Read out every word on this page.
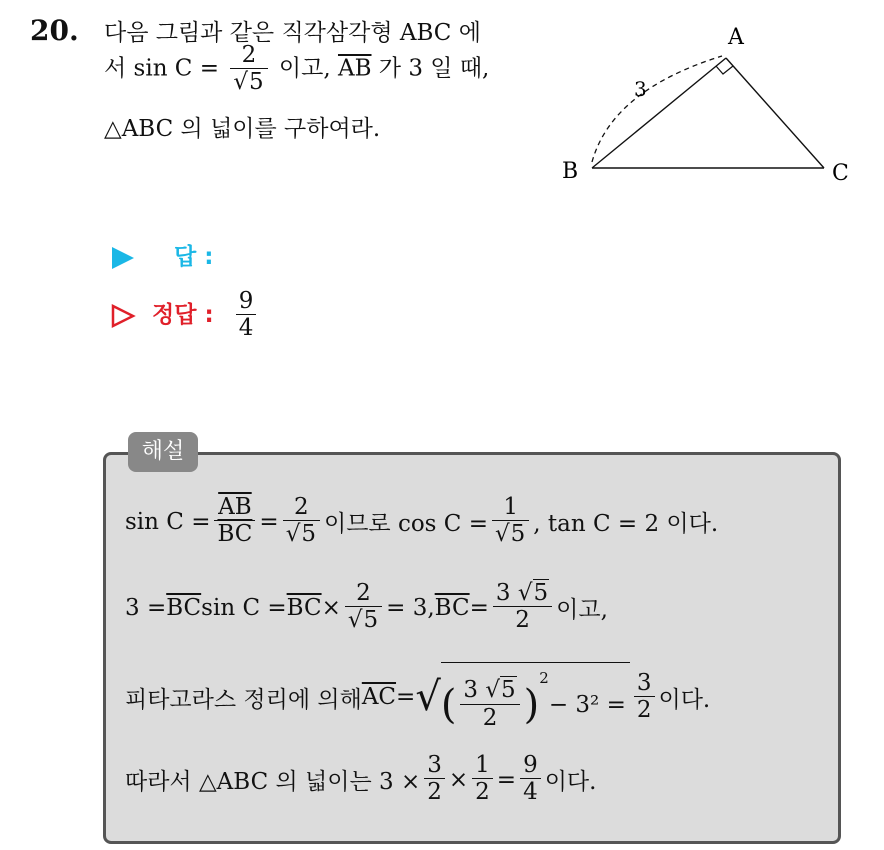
20. 다음 그림과 같은 직각삼각형 ABC 에
서 $\sin C = \frac{2}{√5}$ 이고, $\overline{AB}$ 가 3 일 때,
△ABC 의 넓이를 구하여라.
A
B	C
3
답 :
정답 : $\frac{9}{4}$
해설
$\sin C = \frac{\overline{AB}}{BC} = \frac{2}{√5}$ 이므로 $\cos C = \frac{1}{√5}$ , tan C = 2 이다.
$3 =\overline{BC}\sin$ $C =\overline{BC}\times \frac{2}{√5} = 3,\overline{BC}= \frac{3 √5}{2}$ 이고,
피타고라스 정리에 의해$\overline{AC}=√( \frac{3 √5}{2} )^2- 3^2 = \frac{3}{2}$ 이다.
따라서 △ABC 의 넓이는 $3 \times \frac{3}{2} \times \frac{1}{2} = \frac{9}{4}$ 이다.
